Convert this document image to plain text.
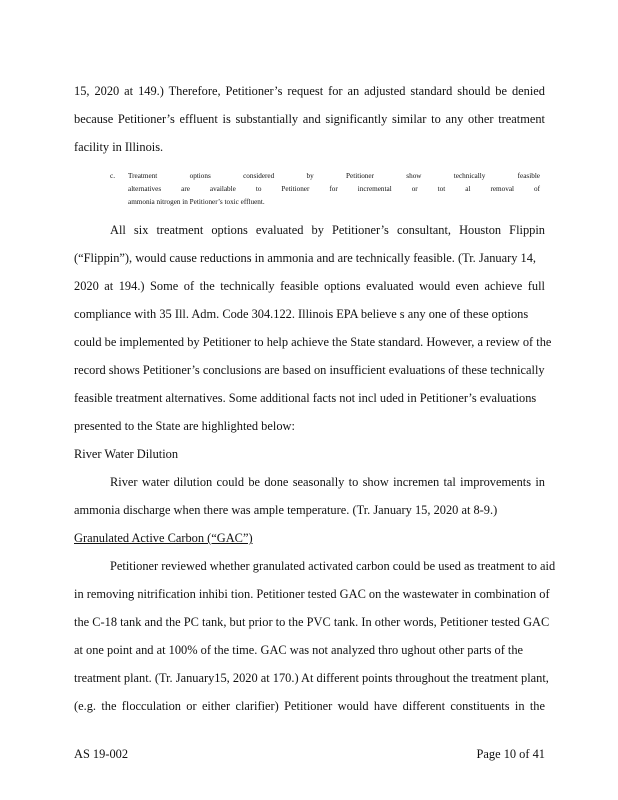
15, 2020 at 149.) Therefore, Petitioner’s request for an adjusted standard should be denied
because Petitioner’s effluent is substantially and significantly similar to any other treatment
facility in Illinois.
c. Treatment options considered by Petitioner show technically feasible
alternatives are available to Petitioner for incremental or tot al removal of
ammonia nitrogen in Petitioner’s toxic effluent.
All six treatment options evaluated by Petitioner’s consultant, Houston Flippin
(“Flippin”), would cause reductions in ammonia and are technically feasible. (Tr. January 14,
2020 at 194.) Some of the technically feasible options evaluated would even achieve full
compliance with 35 Ill. Adm. Code 304.122. Illinois EPA believe s any one of these options
could be implemented by Petitioner to help achieve the State standard. However, a review of the
record shows Petitioner’s conclusions are based on insufficient evaluations of these technically
feasible treatment alternatives. Some additional facts not incl uded in Petitioner’s evaluations
presented to the State are highlighted below:
River Water Dilution
River water dilution could be done seasonally to show incremen tal improvements in
ammonia discharge when there was ample temperature. (Tr. January 15, 2020 at 8-9.)
Granulated Active Carbon (“GAC”)
Petitioner reviewed whether granulated activated carbon could be used as treatment to aid
in removing nitrification inhibi tion. Petitioner tested GAC on the wastewater in combination of
the C-18 tank and the PC tank, but prior to the PVC tank. In other words, Petitioner tested GAC
at one point and at 100% of the time. GAC was not analyzed thro ughout other parts of the
treatment plant. (Tr. January15, 2020 at 170.) At different points throughout the treatment plant,
(e.g. the flocculation or either clarifier) Petitioner would have different constituents in the
AS 19-002	Page 10 of 41
